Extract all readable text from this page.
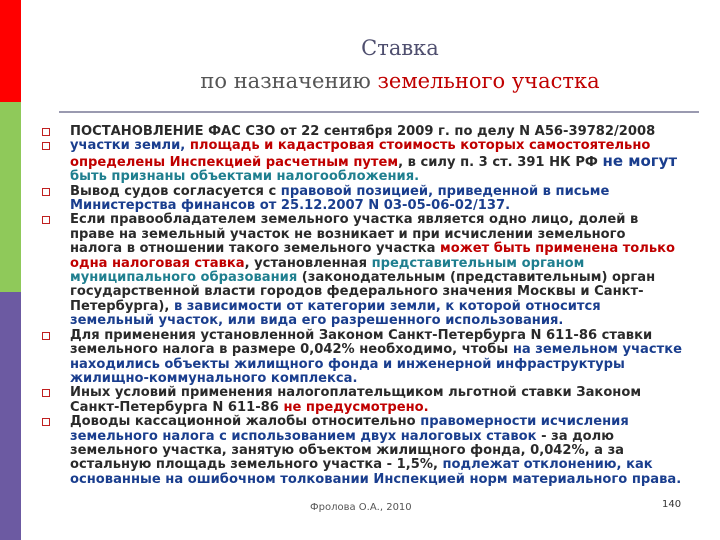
Ставка
по назначению земельного участка

ПОСТАНОВЛЕНИЕ ФАС СЗО от 22 сентября 2009 г. по делу N А56-39782/2008

участки земли, площадь и кадастровая стоимость которых самостоятельно определены Инспекцией расчетным путем, в силу п. 3 ст. 391 НК РФ не могут быть признаны объектами налогообложения.

Вывод судов согласуется с правовой позицией, приведенной в письме Министерства финансов от 25.12.2007 N 03-05-06-02/137.

Если правообладателем земельного участка является одно лицо, долей в праве на земельный участок не возникает и при исчислении земельного налога в отношении такого земельного участка может быть применена только одна налоговая ставка, установленная представительным органом муниципального образования (законодательным (представительным) орган государственной власти городов федерального значения Москвы и Санкт-Петербурга), в зависимости от категории земли, к которой относится земельный участок, или вида его разрешенного использования.

Для применения установленной Законом Санкт-Петербурга N 611-86 ставки земельного налога в размере 0,042% необходимо, чтобы на земельном участке находились объекты жилищного фонда и инженерной инфраструктуры жилищно-коммунального комплекса.

Иных условий применения налогоплательщиком льготной ставки Законом Санкт-Петербурга N 611-86 не предусмотрено.

Доводы кассационной жалобы относительно правомерности исчисления земельного налога с использованием двух налоговых ставок - за долю земельного участка, занятую объектом жилищного фонда, 0,042%, а за остальную площадь земельного участка - 1,5%, подлежат отклонению, как основанные на ошибочном толковании Инспекцией норм материального права.

Фролова О.А., 2010	140
